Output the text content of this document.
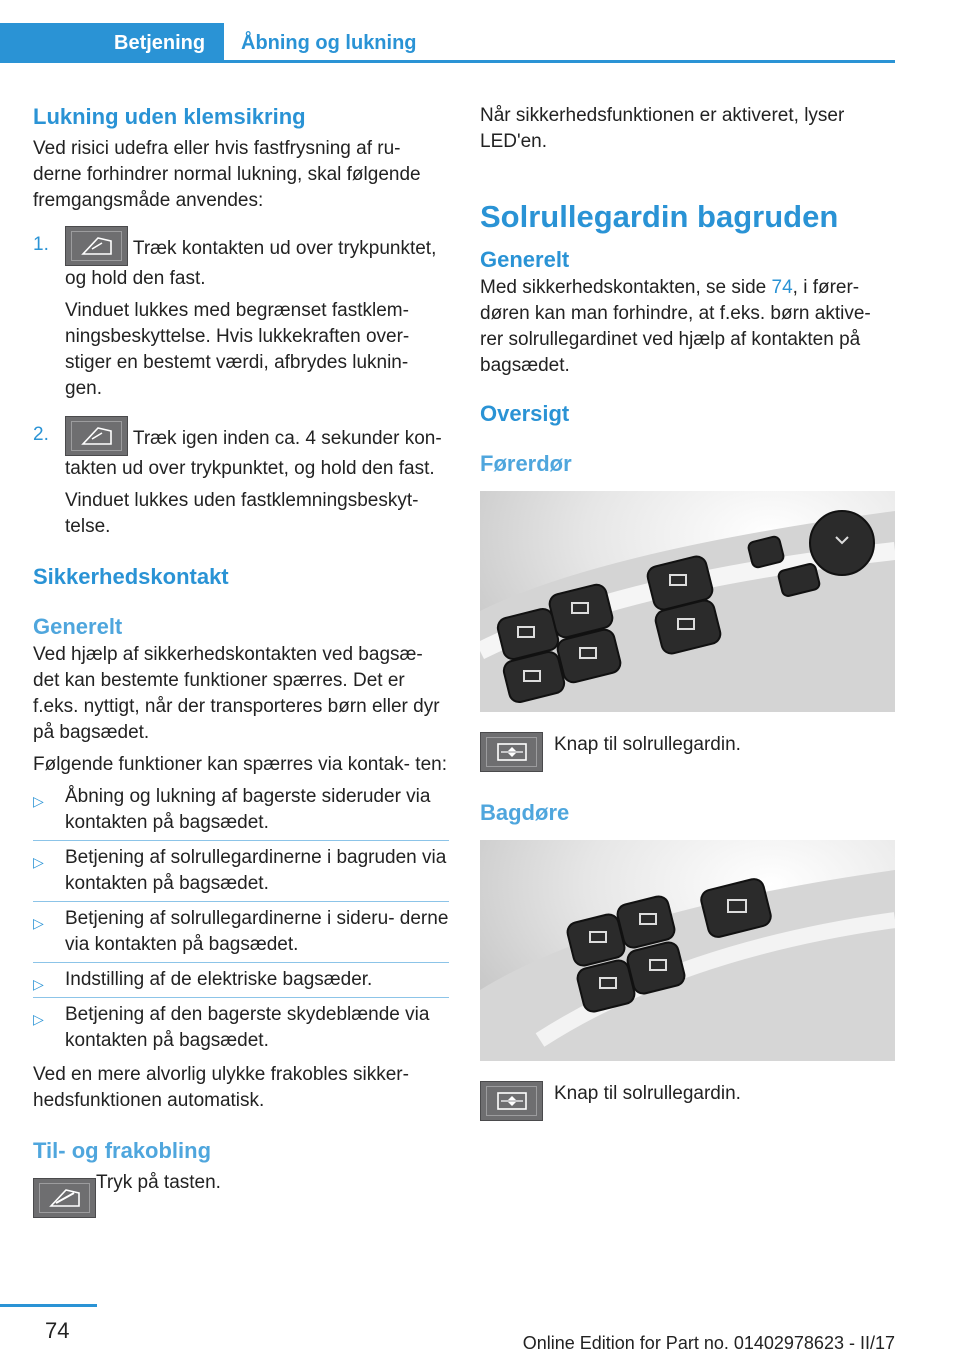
Betjening	Åbning og lukning
Lukning uden klemsikring
Ved risici udefra eller hvis fastfrysning af ru‐ derne forhindrer normal lukning, skal følgende fremgangsmåde anvendes:
1.	Træk kontakten ud over trykpunktet, og hold den fast.
Vinduet lukkes med begrænset fastklem‐ ningsbeskyttelse. Hvis lukkekraften over‐ stiger en bestemt værdi, afbrydes luknin‐ gen.
2.	Træk igen inden ca. 4 sekunder kon‐ takten ud over trykpunktet, og hold den fast.
Vinduet lukkes uden fastklemningsbeskyt‐ telse.
Sikkerhedskontakt
Generelt
Ved hjælp af sikkerhedskontakten ved bagsæ‐ det kan bestemte funktioner spærres. Det er f.eks. nyttigt, når der transporteres børn eller dyr på bagsædet.
Følgende funktioner kan spærres via kontak‐ ten:
▷ Åbning og lukning af bagerste sideruder via kontakten på bagsædet.
▷ Betjening af solrullegardinerne i bagruden via kontakten på bagsædet.
▷ Betjening af solrullegardinerne i sideru‐ derne via kontakten på bagsædet.
▷ Indstilling af de elektriske bagsæder.
▷ Betjening af den bagerste skydeblænde via kontakten på bagsædet.
Ved en mere alvorlig ulykke frakobles sikker‐ hedsfunktionen automatisk.
Til- og frakobling
Tryk på tasten.
Når sikkerhedsfunktionen er aktiveret, lyser LED'en.
Solrullegardin bagruden
Generelt
Med sikkerhedskontakten, se side 74, i fører‐ døren kan man forhindre, at f.eks. børn aktive‐ rer solrullegardinet ved hjælp af kontakten på bagsædet.
Oversigt
Førerdør
Knap til solrullegardin.
Bagdøre
Knap til solrullegardin.
74	Online Edition for Part no. 01402978623 - II/17
